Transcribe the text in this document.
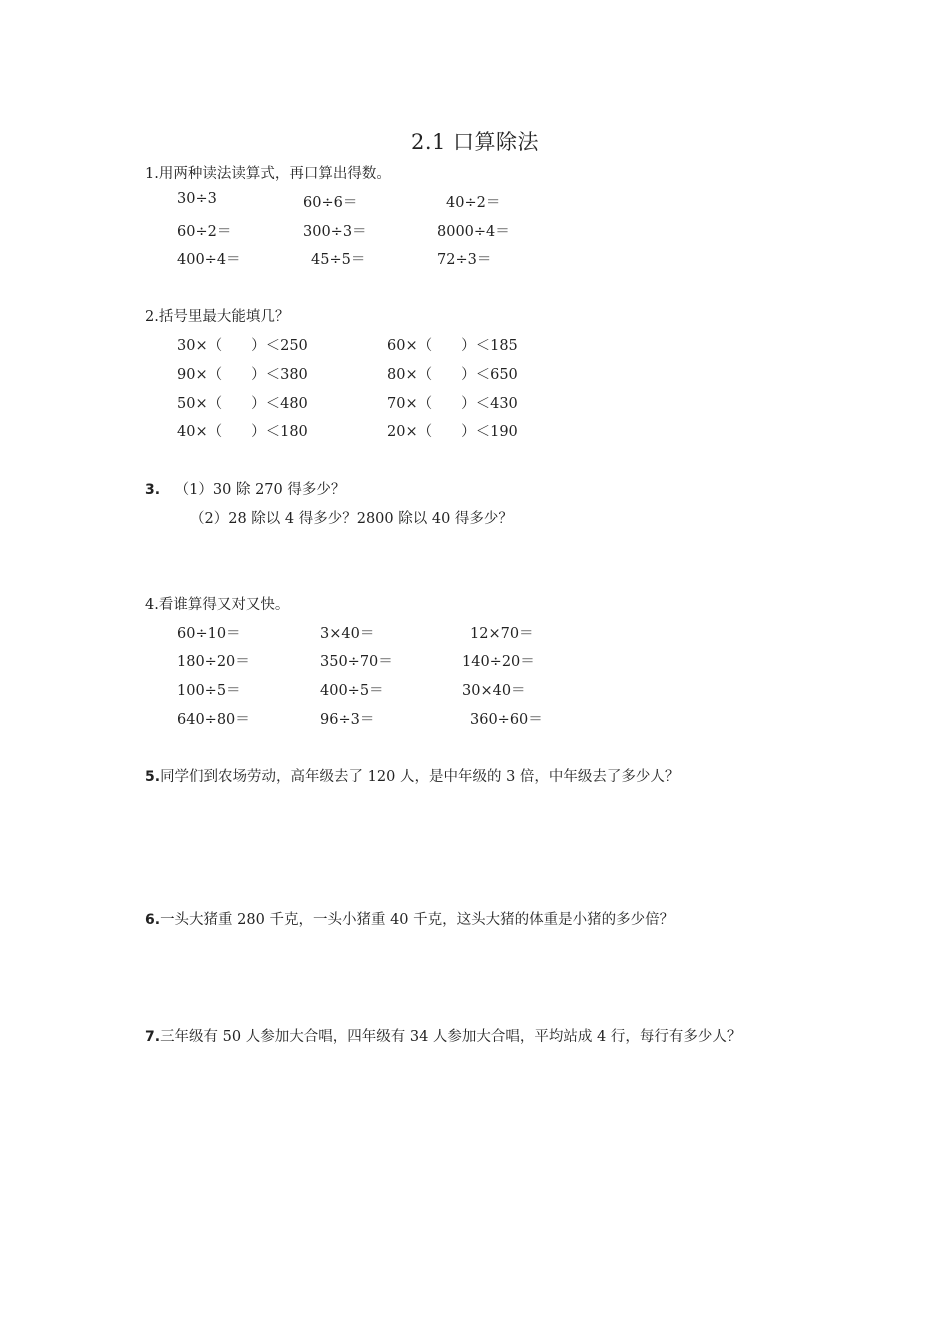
2.1 口算除法
1.用两种读法读算式，再口算出得数。
30÷3	60÷6＝	40÷2＝
60÷2＝	300÷3＝	8000÷4＝
400÷4＝	45÷5＝	72÷3＝
2.括号里最大能填几？
30×（　　）＜250	60×（　　）＜185
90×（　　）＜380	80×（　　）＜650
50×（　　）＜480	70×（　　）＜430
40×（　　）＜180	20×（　　）＜190
3. （1）30 除 270 得多少？
（2）28 除以 4 得多少？2800 除以 40 得多少？
4.看谁算得又对又快。
60÷10＝	3×40＝	12×70＝
180÷20＝	350÷70＝	140÷20＝
100÷5＝	400÷5＝	30×40＝
640÷80＝	96÷3＝	360÷60＝
5.同学们到农场劳动，高年级去了 120 人，是中年级的 3 倍，中年级去了多少人？
6.一头大猪重 280 千克，一头小猪重 40 千克，这头大猪的体重是小猪的多少倍？
7.三年级有 50 人参加大合唱，四年级有 34 人参加大合唱，平均站成 4 行，每行有多少人？
